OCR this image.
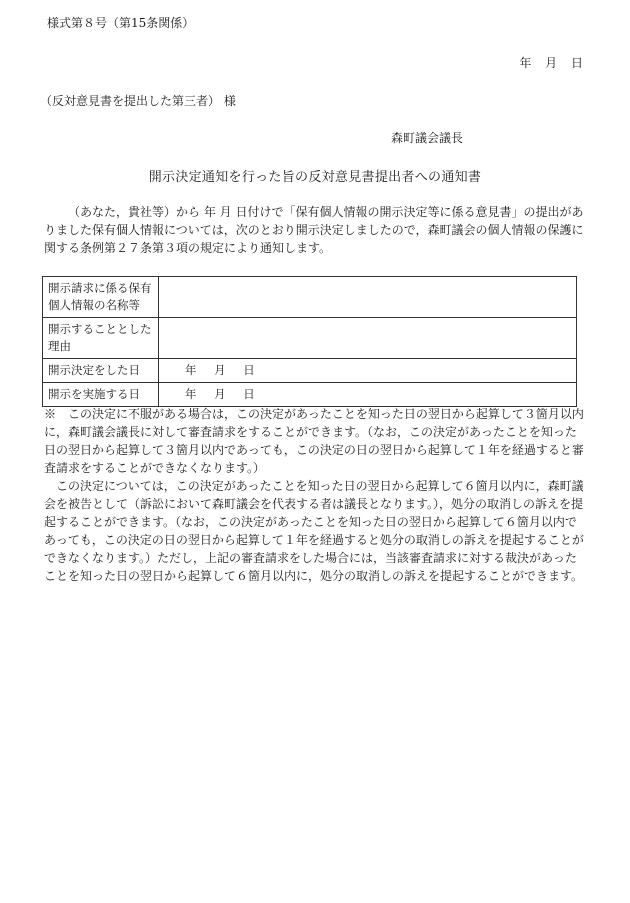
様式第８号（第15条関係）
年 月 日
（反対意見書を提出した第三者） 様
森町議会議長
開示決定通知を行った旨の反対意見書提出者への通知書
（あなた，貴社等）から 年 月 日付けで「保有個人情報の開示決定等に係る意見書」の提出がありました保有個人情報については，次のとおり開示決定しましたので，森町議会の個人情報の保護に関する条例第２７条第３項の規定により通知します。
開示請求に係る保有個人情報の名称等	
開示することとした理由	
開示決定をした日	年 月 日
開示を実施する日	年 月 日

※　この決定に不服がある場合は，この決定があったことを知った日の翌日から起算して３箇月以内に，森町議会議長に対して審査請求をすることができます。（なお，この決定があったことを知った日の翌日から起算して３箇月以内であっても，この決定の日の翌日から起算して１年を経過すると審査請求をすることができなくなります。）

この決定については，この決定があったことを知った日の翌日から起算して６箇月以内に，森町議会を被告として（訴訟において森町議会を代表する者は議長となります。），処分の取消しの訴えを提起することができます。（なお，この決定があったことを知った日の翌日から起算して６箇月以内であっても，この決定の日の翌日から起算して１年を経過すると処分の取消しの訴えを提起することができなくなります。）ただし，上記の審査請求をした場合には，当該審査請求に対する裁決があったことを知った日の翌日から起算して６箇月以内に，処分の取消しの訴えを提起することができます。
